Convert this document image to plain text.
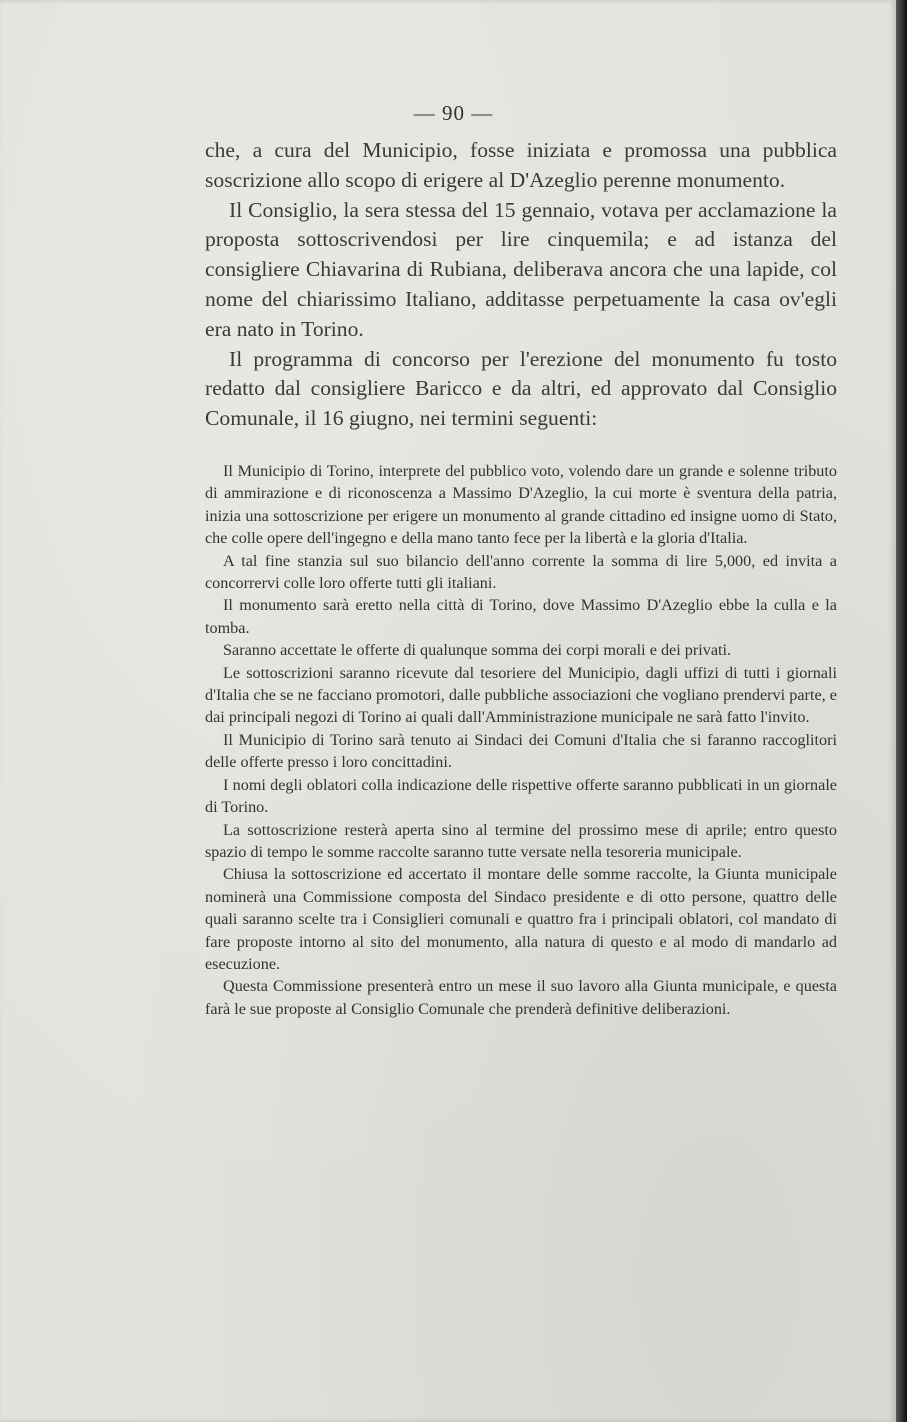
— 90 —

che, a cura del Municipio, fosse iniziata e promossa una pubblica soscrizione allo scopo di erigere al D'Azeglio perenne monumento.

Il Consiglio, la sera stessa del 15 gennaio, votava per acclamazione la proposta sottoscrivendosi per lire cinquemila; e ad istanza del consigliere Chiavarina di Rubiana, deliberava ancora che una lapide, col nome del chiarissimo Italiano, additasse perpetuamente la casa ov'egli era nato in Torino.

Il programma di concorso per l'erezione del monumento fu tosto redatto dal consigliere Baricco e da altri, ed approvato dal Consiglio Comunale, il 16 giugno, nei termini seguenti:

Il Municipio di Torino, interprete del pubblico voto, volendo dare un grande e solenne tributo di ammirazione e di riconoscenza a Massimo D'Azeglio, la cui morte è sventura della patria, inizia una sottoscrizione per erigere un monumento al grande cittadino ed insigne uomo di Stato, che colle opere dell'ingegno e della mano tanto fece per la libertà e la gloria d'Italia.

A tal fine stanzia sul suo bilancio dell'anno corrente la somma di lire 5,000, ed invita a concorrervi colle loro offerte tutti gli italiani.

Il monumento sarà eretto nella città di Torino, dove Massimo D'Azeglio ebbe la culla e la tomba.

Saranno accettate le offerte di qualunque somma dei corpi morali e dei privati.

Le sottoscrizioni saranno ricevute dal tesoriere del Municipio, dagli uffizi di tutti i giornali d'Italia che se ne facciano promotori, dalle pubbliche associazioni che vogliano prendervi parte, e dai principali negozi di Torino ai quali dall'Amministrazione municipale ne sarà fatto l'invito.

Il Municipio di Torino sarà tenuto ai Sindaci dei Comuni d'Italia che si faranno raccoglitori delle offerte presso i loro concittadini.

I nomi degli oblatori colla indicazione delle rispettive offerte saranno pubblicati in un giornale di Torino.

La sottoscrizione resterà aperta sino al termine del prossimo mese di aprile; entro questo spazio di tempo le somme raccolte saranno tutte versate nella tesoreria municipale.

Chiusa la sottoscrizione ed accertato il montare delle somme raccolte, la Giunta municipale nominerà una Commissione composta del Sindaco presidente e di otto persone, quattro delle quali saranno scelte tra i Consiglieri comunali e quattro fra i principali oblatori, col mandato di fare proposte intorno al sito del monumento, alla natura di questo e al modo di mandarlo ad esecuzione.

Questa Commissione presenterà entro un mese il suo lavoro alla Giunta municipale, e questa farà le sue proposte al Consiglio Comunale che prenderà definitive deliberazioni.
